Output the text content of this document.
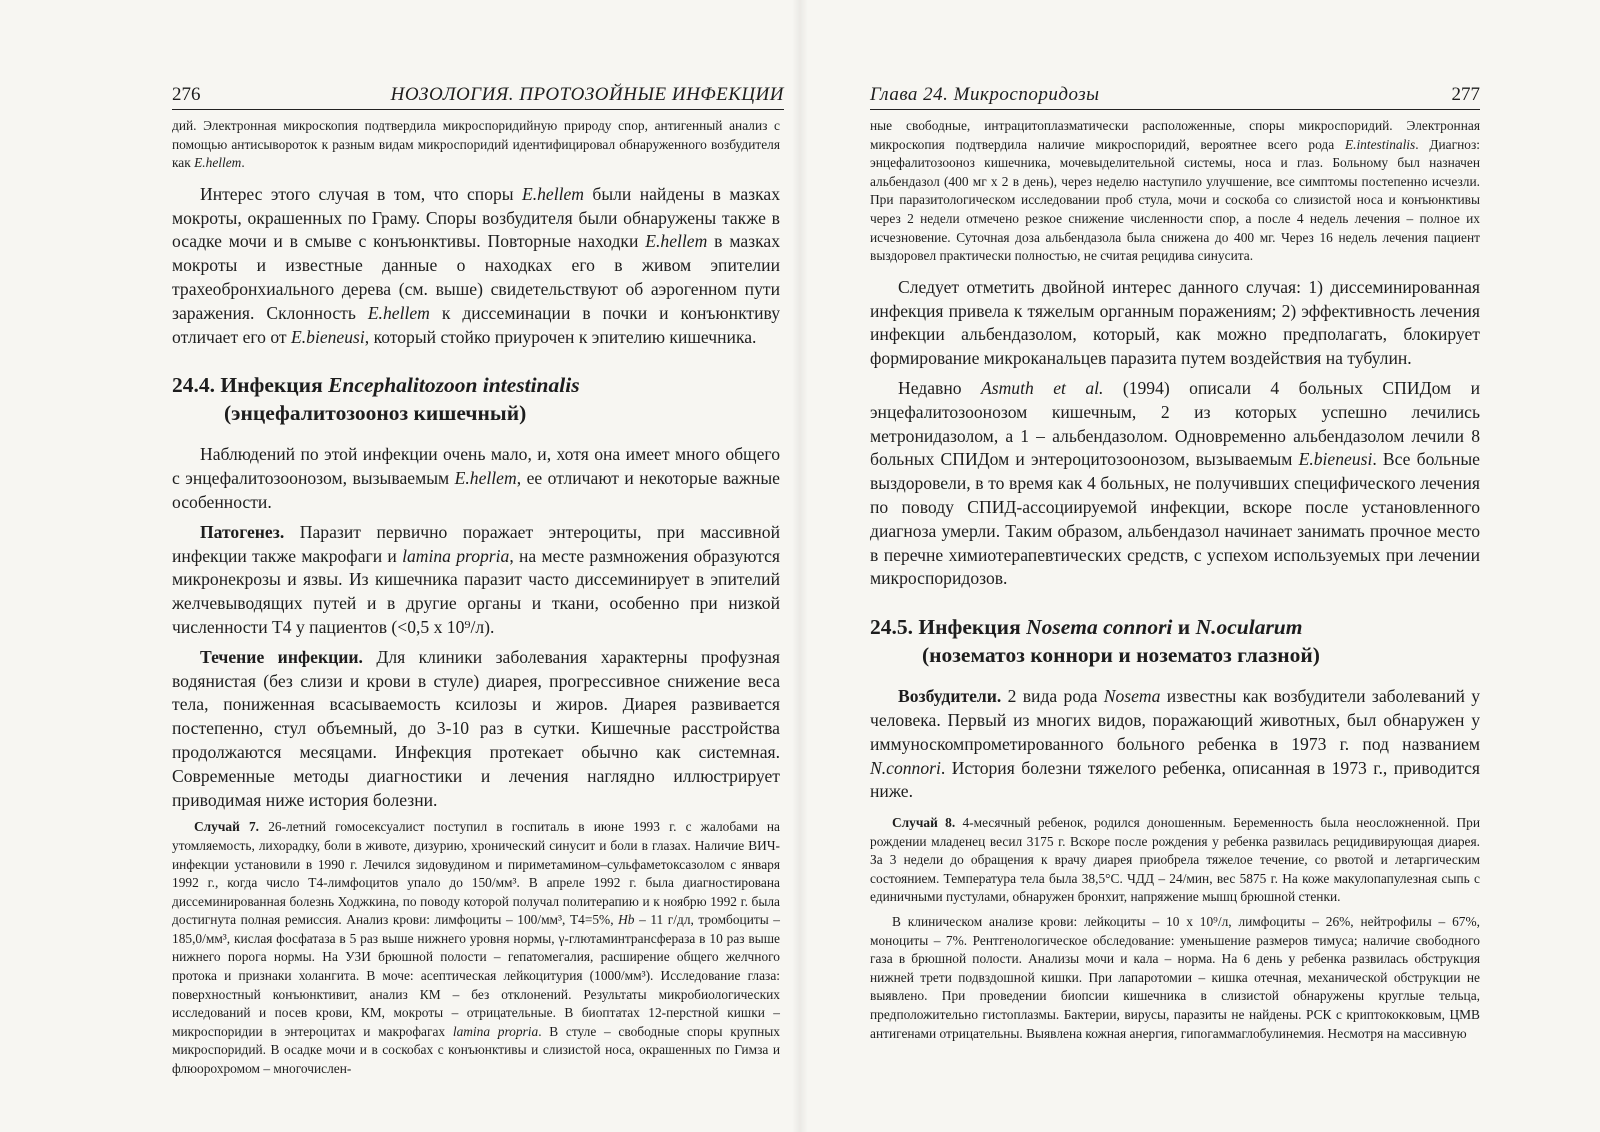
276	НОЗОЛОГИЯ. ПРОТОЗОЙНЫЕ ИНФЕКЦИИ

дий. Электронная микроскопия подтвердила микроспоридийную природу спор, антигенный анализ с помощью антисывороток к разным видам микроспоридий идентифицировал обнаруженного возбудителя как E.hellem.

Интерес этого случая в том, что споры E.hellem были найдены в мазках мокроты, окрашенных по Граму. Споры возбудителя были обнаружены также в осадке мочи и в смыве с конъюнктивы. Повторные находки E.hellem в мазках мокроты и известные данные о находках его в живом эпителии трахеобронхиального дерева (см. выше) свидетельствуют об аэрогенном пути заражения. Склонность E.hellem к диссеминации в почки и конъюнктиву отличает его от E.bieneusi, который стойко приурочен к эпителию кишечника.

24.4. Инфекция Encephalitozoon intestinalis
(энцефалитозооноз кишечный)

Наблюдений по этой инфекции очень мало, и, хотя она имеет много общего с энцефалитозоонозом, вызываемым E.hellem, ее отличают и некоторые важные особенности.

Патогенез. Паразит первично поражает энтероциты, при массивной инфекции также макрофаги и lamina propria, на месте размножения образуются микронекрозы и язвы. Из кишечника паразит часто диссеминирует в эпителий желчевыводящих путей и в другие органы и ткани, особенно при низкой численности Т4 у пациентов (<0,5 x 10⁹/л).

Течение инфекции. Для клиники заболевания характерны профузная водянистая (без слизи и крови в стуле) диарея, прогрессивное снижение веса тела, пониженная всасываемость ксилозы и жиров. Диарея развивается постепенно, стул объемный, до 3-10 раз в сутки. Кишечные расстройства продолжаются месяцами. Инфекция протекает обычно как системная. Современные методы диагностики и лечения наглядно иллюстрирует приводимая ниже история болезни.

Случай 7. 26-летний гомосексуалист поступил в госпиталь в июне 1993 г. с жалобами на утомляемость, лихорадку, боли в животе, дизурию, хронический синусит и боли в глазах. Наличие ВИЧ-инфекции установили в 1990 г. Лечился зидовудином и пириметамином–сульфаметоксазолом с января 1992 г., когда число Т4-лимфоцитов упало до 150/мм³. В апреле 1992 г. была диагностирована диссеминированная болезнь Ходжкина, по поводу которой получал политерапию и к ноябрю 1992 г. была достигнута полная ремиссия. Анализ крови: лимфоциты – 100/мм³, Т4=5%, Hb – 11 г/дл, тромбоциты – 185,0/мм³, кислая фосфатаза в 5 раз выше нижнего уровня нормы, γ-глютаминтрансфераза в 10 раз выше нижнего порога нормы. На УЗИ брюшной полости – гепатомегалия, расширение общего желчного протока и признаки холангита. В моче: асептическая лейкоцитурия (1000/мм³). Исследование глаза: поверхностный конъюнктивит, анализ КМ – без отклонений. Результаты микробиологических исследований и посев крови, КМ, мокроты – отрицательные. В биоптатах 12-перстной кишки – микроспоридии в энтероцитах и макрофагах lamina propria. В стуле – свободные споры крупных микроспоридий. В осадке мочи и в соскобах с конъюнктивы и слизистой носа, окрашенных по Гимза и флюорохромом – многочислен-

Глава 24. Микроспоридозы	277

ные свободные, интрацитоплазматически расположенные, споры микроспоридий. Электронная микроскопия подтвердила наличие микроспоридий, вероятнее всего рода E.intestinalis. Диагноз: энцефалитозооноз кишечника, мочевыделительной системы, носа и глаз. Больному был назначен альбендазол (400 мг x 2 в день), через неделю наступило улучшение, все симптомы постепенно исчезли. При паразитологическом исследовании проб стула, мочи и соскоба со слизистой носа и конъюнктивы через 2 недели отмечено резкое снижение численности спор, а после 4 недель лечения – полное их исчезновение. Суточная доза альбендазола была снижена до 400 мг. Через 16 недель лечения пациент выздоровел практически полностью, не считая рецидива синусита.

Следует отметить двойной интерес данного случая: 1) диссеминированная инфекция привела к тяжелым органным поражениям; 2) эффективность лечения инфекции альбендазолом, который, как можно предполагать, блокирует формирование микроканальцев паразита путем воздействия на тубулин.

Недавно Asmuth et al. (1994) описали 4 больных СПИДом и энцефалитозоонозом кишечным, 2 из которых успешно лечились метронидазолом, а 1 – альбендазолом. Одновременно альбендазолом лечили 8 больных СПИДом и энтероцитозоонозом, вызываемым E.bieneusi. Все больные выздоровели, в то время как 4 больных, не получивших специфического лечения по поводу СПИД-ассоциируемой инфекции, вскоре после установленного диагноза умерли. Таким образом, альбендазол начинает занимать прочное место в перечне химиотерапевтических средств, с успехом используемых при лечении микроспоридозов.

24.5. Инфекция Nosema connori и N.ocularum
(нозематоз коннори и нозематоз глазной)

Возбудители. 2 вида рода Nosema известны как возбудители заболеваний у человека. Первый из многих видов, поражающий животных, был обнаружен у иммуноскомпрометированного больного ребенка в 1973 г. под названием N.connori. История болезни тяжелого ребенка, описанная в 1973 г., приводится ниже.

Случай 8. 4-месячный ребенок, родился доношенным. Беременность была неосложненной. При рождении младенец весил 3175 г. Вскоре после рождения у ребенка развилась рецидивирующая диарея. За 3 недели до обращения к врачу диарея приобрела тяжелое течение, со рвотой и летаргическим состоянием. Температура тела была 38,5°С. ЧДД – 24/мин, вес 5875 г. На коже макулопапулезная сыпь с единичными пустулами, обнаружен бронхит, напряжение мышц брюшной стенки.

В клиническом анализе крови: лейкоциты – 10 x 10⁹/л, лимфоциты – 26%, нейтрофилы – 67%, моноциты – 7%. Рентгенологическое обследование: уменьшение размеров тимуса; наличие свободного газа в брюшной полости. Анализы мочи и кала – норма. На 6 день у ребенка развилась обструкция нижней трети подвздошной кишки. При лапаротомии – кишка отечная, механической обструкции не выявлено. При проведении биопсии кишечника в слизистой обнаружены круглые тельца, предположительно гистоплазмы. Бактерии, вирусы, паразиты не найдены. РСК с криптококковым, ЦМВ антигенами отрицательны. Выявлена кожная анергия, гипогаммаглобулинемия. Несмотря на массивную
